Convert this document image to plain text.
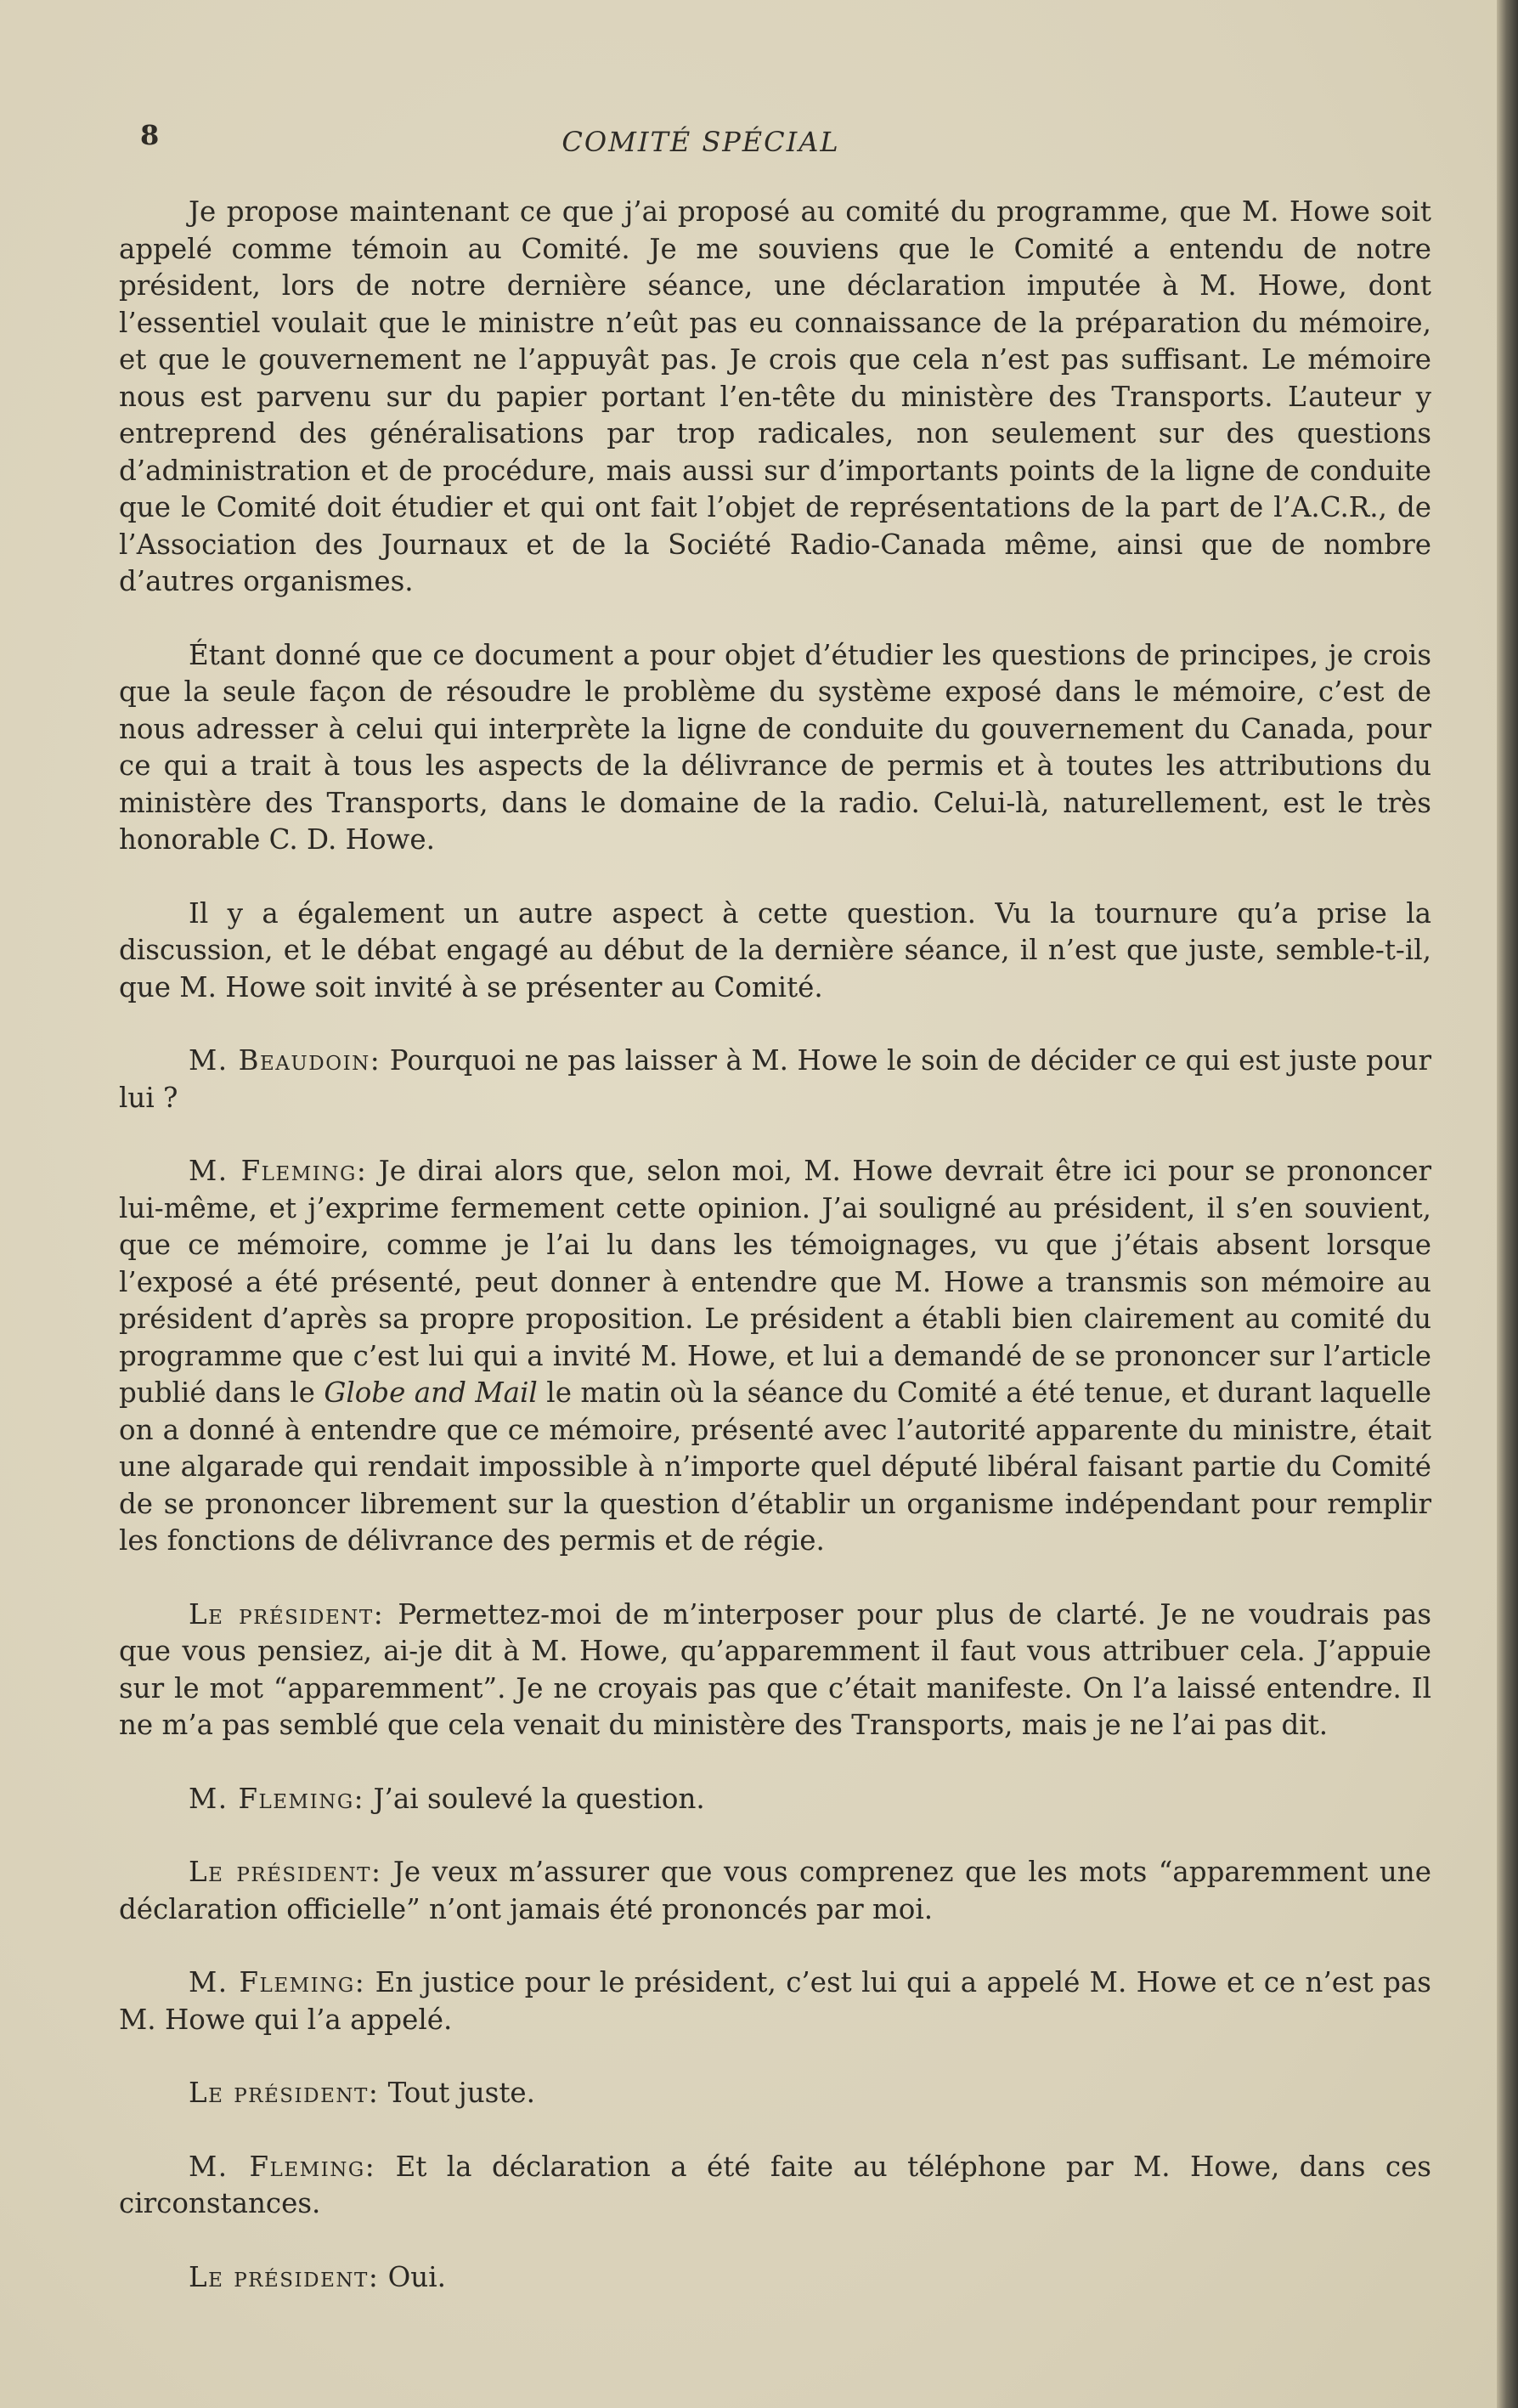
8	COMITÉ SPÉCIAL

Je propose maintenant ce que j’ai proposé au comité du programme, que M. Howe soit appelé comme témoin au Comité. Je me souviens que le Comité a entendu de notre président, lors de notre dernière séance, une déclaration imputée à M. Howe, dont l’essentiel voulait que le ministre n’eût pas eu connaissance de la préparation du mémoire, et que le gouvernement ne l’appuyât pas. Je crois que cela n’est pas suffisant. Le mémoire nous est parvenu sur du papier portant l’en-tête du ministère des Transports. L’auteur y entreprend des généralisations par trop radicales, non seulement sur des questions d’administration et de procédure, mais aussi sur d’importants points de la ligne de conduite que le Comité doit étudier et qui ont fait l’objet de représentations de la part de l’A.C.R., de l’Association des Journaux et de la Société Radio-Canada même, ainsi que de nombre d’autres organismes.

Étant donné que ce document a pour objet d’étudier les questions de principes, je crois que la seule façon de résoudre le problème du système exposé dans le mémoire, c’est de nous adresser à celui qui interprète la ligne de conduite du gouvernement du Canada, pour ce qui a trait à tous les aspects de la délivrance de permis et à toutes les attributions du ministère des Transports, dans le domaine de la radio. Celui-là, naturellement, est le très honorable C. D. Howe.

Il y a également un autre aspect à cette question. Vu la tournure qu’a prise la discussion, et le débat engagé au début de la dernière séance, il n’est que juste, semble-t-il, que M. Howe soit invité à se présenter au Comité.

M. Beaudoin: Pourquoi ne pas laisser à M. Howe le soin de décider ce qui est juste pour lui ?

M. Fleming: Je dirai alors que, selon moi, M. Howe devrait être ici pour se prononcer lui-même, et j’exprime fermement cette opinion. J’ai souligné au président, il s’en souvient, que ce mémoire, comme je l’ai lu dans les témoignages, vu que j’étais absent lorsque l’exposé a été présenté, peut donner à entendre que M. Howe a transmis son mémoire au président d’après sa propre proposition. Le président a établi bien clairement au comité du programme que c’est lui qui a invité M. Howe, et lui a demandé de se prononcer sur l’article publié dans le Globe and Mail le matin où la séance du Comité a été tenue, et durant laquelle on a donné à entendre que ce mémoire, présenté avec l’autorité apparente du ministre, était une algarade qui rendait impossible à n’importe quel député libéral faisant partie du Comité de se prononcer librement sur la question d’établir un organisme indépendant pour remplir les fonctions de délivrance des permis et de régie.

Le président: Permettez-moi de m’interposer pour plus de clarté. Je ne voudrais pas que vous pensiez, ai-je dit à M. Howe, qu’apparemment il faut vous attribuer cela. J’appuie sur le mot “apparemment”. Je ne croyais pas que c’était manifeste. On l’a laissé entendre. Il ne m’a pas semblé que cela venait du ministère des Transports, mais je ne l’ai pas dit.

M. Fleming: J’ai soulevé la question.

Le président: Je veux m’assurer que vous comprenez que les mots “apparemment une déclaration officielle” n’ont jamais été prononcés par moi.

M. Fleming: En justice pour le président, c’est lui qui a appelé M. Howe et ce n’est pas M. Howe qui l’a appelé.

Le président: Tout juste.

M. Fleming: Et la déclaration a été faite au téléphone par M. Howe, dans ces circonstances.

Le président: Oui.
